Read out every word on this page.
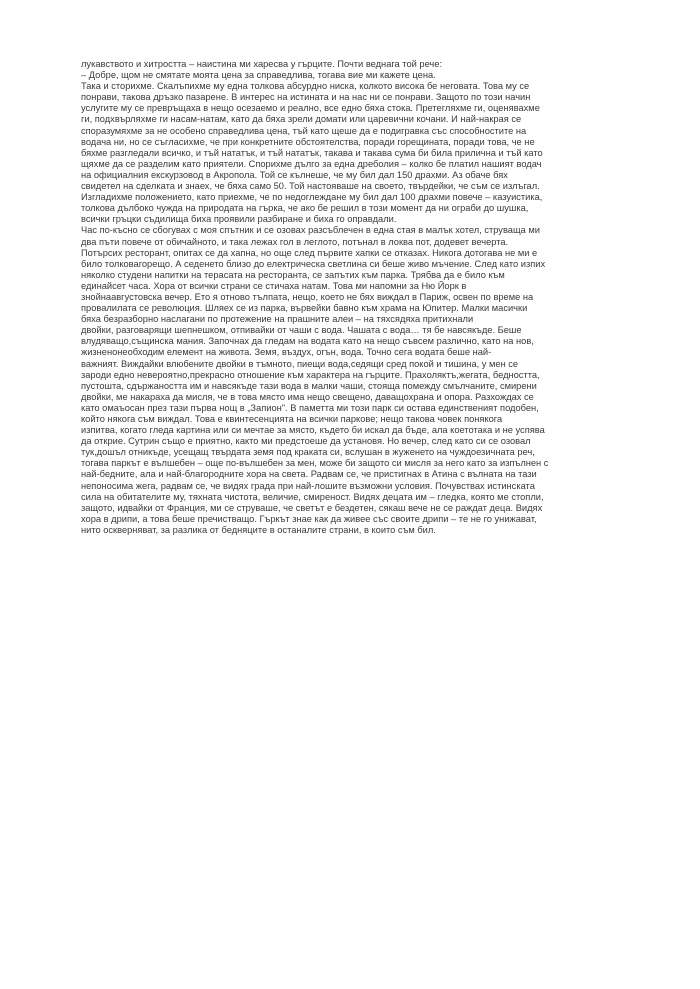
лукавството и хитростта – наистина ми харесва у гърците. Почти веднага той рече:
– Добре, щом не смятате моята цена за справедлива, тогава вие ми кажете цена.
Така и сторихме. Скалъпихме му една толкова абсурдно ниска, колкото висока бе неговата. Това му се
понрави, такова дръзко пазарене. В интерес на истината и на нас ни се понрави. Защото по този начин
услугите му се превръщаха в нещо осезаемо и реално, все едно бяха стока. Претегляхме ги, оценявахме
ги, подхвърляхме ги насам-натам, като да бяха зрели домати или царевични кочани. И най-накрая се
споразумяхме за не особено справедлива цена, тъй като щеше да е подигравка със способностите на
водача ни, но се съгласихме, че при конкретните обстоятелства, поради горещината, поради това, че не
бяхме разгледали всичко, и тъй нататък, и тъй нататък, такава и такава сума би била прилична и тъй като
щяхме да се разделим като приятели. Спорихме дълго за една дреболия – колко бе платил нашият водач
на официалния екскурзовод в Акропола. Той се кълнеше, че му бил дал 150 драхми. Аз обаче бях
свидетел на сделката и знаех, че бяха само 50. Той настояваше на своето, твърдейки, че съм се излъгал.
Изгладихме положението, като приехме, че по недоглеждане му бил дал 100 драхми повече – казуистика,
толкова дълбоко чужда на природата на гърка, че ако бе решил в този момент да ни ограби до шушка,
всички гръцки съдилища биха проявили разбиране и биха го оправдали.
Час по-късно се сбогувах с моя спътник и се озовах разсъблечен в една стая в малък хотел, струваща ми
два пъти повече от обичайното, и така лежах гол в леглото, потънал в локва пот, додевет вечерта.
Потърсих ресторант, опитах се да хапна, но още след първите хапки се отказах. Никога дотогава не ми е
било толковагорещо. А седенето близо до електрическа светлина си беше живо мъчение. След като изпих
няколко студени напитки на терасата на ресторанта, се запътих към парка. Трябва да е било към
единайсет часа. Хора от всички страни се стичаха натам. Това ми напомни за Ню Йорк в
знойнаавгустовска вечер. Ето я отново тълпата, нещо, което не бях виждал в Париж, освен по време на
провалилата се революция. Шляех се из парка, вървейки бавно към храма на Юпитер. Малки масички
бяха безразборно наслагани по протежение на прашните алеи – на тяхсядяха притихнали
двойки, разговарящи шепнешком, отпивайки от чаши с вода. Чашата с вода… тя бе навсякъде. Беше
влудяващо,същинска мания. Започнах да гледам на водата като на нещо съвсем различно, като на нов,
жизненонеобходим елемент на живота. Земя, въздух, огън, вода. Точно сега водата беше най-
важният. Виждайки влюбените двойки в тъмното, пиещи вода,седящи сред покой и тишина, у мен се
зароди едно невероятно,прекрасно отношение към характера на гърците. Прахоляктъ,жегата, бедността,
пустошта, сдържаността им и навсякъде тази вода в малки чаши, стояща помежду смълчаните, смирени
двойки, ме накараха да мисля, че в това място има нещо свещено, даващохрана и опора. Разхождах се
като омаъосан през тази първа нощ в „Запион". В паметта ми този парк си остава единственият подобен,
който някога съм виждал. Това е квинтесенцията на всички паркове; нещо такова човек понякога
изпитва, когато гледа картина или си мечтае за място, където би искал да бъде, ала коетотака и не успява
да открие. Сутрин също е приятно, както ми предстоеше да установя. Но вечер, след като си се озовал
тук,дошъл отникъде, усещащ твърдата земя под краката си, вслушан в жуженето на чуждоезичната реч,
тогава паркът е вълшебен – още по-вълшебен за мен, може би защото си мисля за него като за изпълнен с
най-бедните, ала и най-благородните хора на света. Радвам се, че пристигнах в Атина с вълната на тази
непоносима жега, радвам се, че видях града при най-лошите възможни условия. Почувствах истинската
сила на обитателите му, тяхната чистота, величие, смиреност. Видях децата им – гледка, която ме стопли,
защото, идвайки от Франция, ми се струваше, че светът е бездетен, сякаш вече не се раждат деца. Видях
хора в дрипи, а това беше пречистващо. Гъркът знае как да живее със своите дрипи – те не го унижават,
нито оскверняват, за разлика от бедняците в останалите страни, в които съм бил.
